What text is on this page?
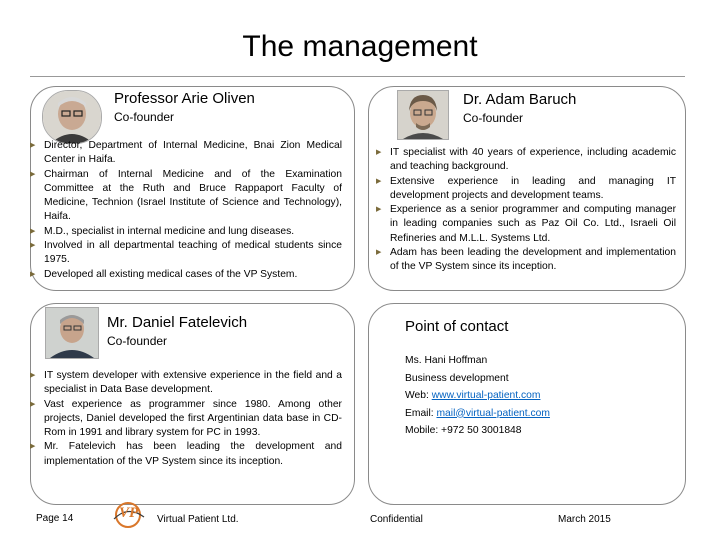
The management
Professor Arie Oliven
Co-founder
▶ Director, Department of Internal Medicine, Bnai Zion Medical Center in Haifa.
▶ Chairman of Internal Medicine and of the Examination Committee at the Ruth and Bruce Rappaport Faculty of Medicine, Technion (Israel Institute of Science and Technology), Haifa.
▶ M.D., specialist in internal medicine and lung diseases.
▶ Involved in all departmental teaching of medical students since 1975.
▶ Developed all existing medical cases of the VP System.
Dr. Adam Baruch
Co-founder
▶ IT specialist with 40 years of experience, including academic and teaching background.
▶ Extensive experience in leading and managing IT development projects and development teams.
▶ Experience as a senior programmer and computing manager in leading companies such as Paz Oil Co. Ltd., Israeli Oil Refineries and M.L.L. Systems Ltd.
▶ Adam has been leading the development and implementation of the VP System since its inception.
Mr. Daniel Fatelevich
Co-founder
▶ IT system developer with extensive experience in the field and a specialist in Data Base development.
▶ Vast experience as programmer since 1980. Among other projects, Daniel developed the first Argentinian data base in CD-Rom in 1991 and library system for PC in 1993.
▶ Mr. Fatelevich has been leading the development and implementation of the VP System since its inception.
Point of contact
Ms. Hani Hoffman
Business development
Web: www.virtual-patient.com
Email: mail@virtual-patient.com
Mobile: +972 50 3001848
Page 14	VP Virtual Patient Ltd.	Confidential	March 2015
